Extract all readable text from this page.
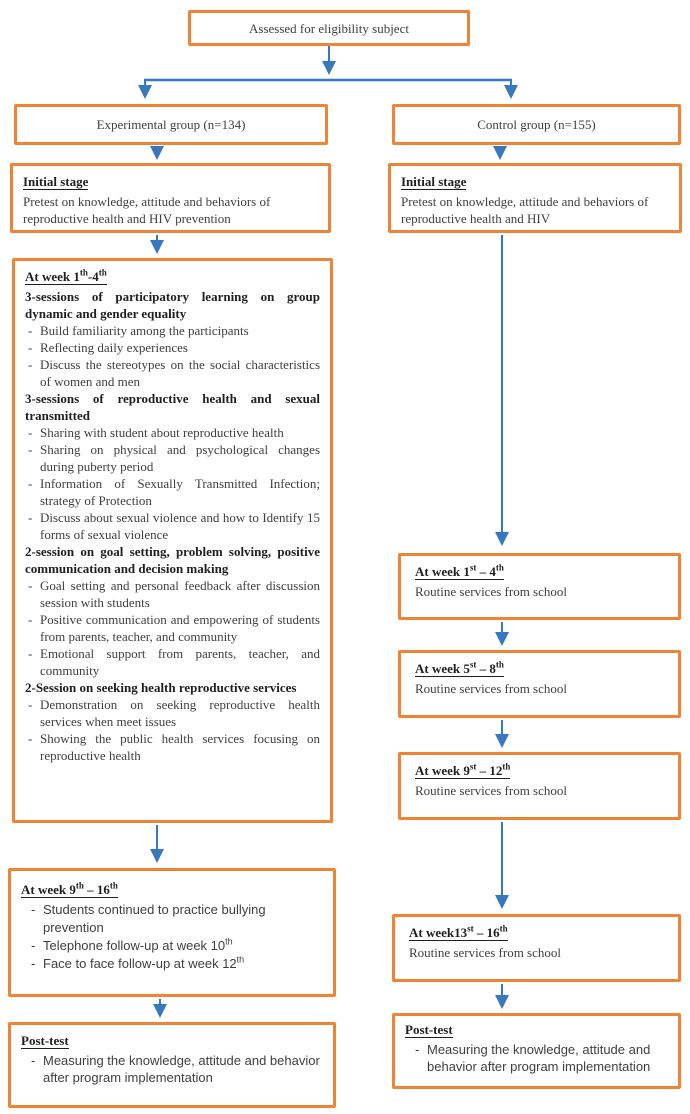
Assessed for eligibility subject
Experimental group (n=134)	Control group (n=155)
Initial stage
Pretest on knowledge, attitude and behaviors of reproductive health and HIV prevention
Initial stage
Pretest on knowledge, attitude and behaviors of reproductive health and HIV
At week 1th-4th
3-sessions of participatory learning on group dynamic and gender equality
- Build familiarity among the participants
- Reflecting daily experiences
- Discuss the stereotypes on the social characteristics of women and men
3-sessions of reproductive health and sexual transmitted
- Sharing with student about reproductive health
- Sharing on physical and psychological changes during puberty period
- Information of Sexually Transmitted Infection; strategy of Protection
- Discuss about sexual violence and how to Identify 15 forms of sexual violence
2-session on goal setting, problem solving, positive communication and decision making
- Goal setting and personal feedback after discussion session with students
- Positive communication and empowering of students from parents, teacher, and community
- Emotional support from parents, teacher, and community
2-Session on seeking health reproductive services
- Demonstration on seeking reproductive health services when meet issues
- Showing the public health services focusing on reproductive health
At week 1st – 4th
Routine services from school
At week 5st – 8th
Routine services from school
At week 9st – 12th
Routine services from school
At week13st – 16th
Routine services from school
At week 9th – 16th
- Students continued to practice bullying prevention
- Telephone follow-up at week 10th
- Face to face follow-up at week 12th
Post-test
- Measuring the knowledge, attitude and behavior after program implementation
Post-test
- Measuring the knowledge, attitude and behavior after program implementation
